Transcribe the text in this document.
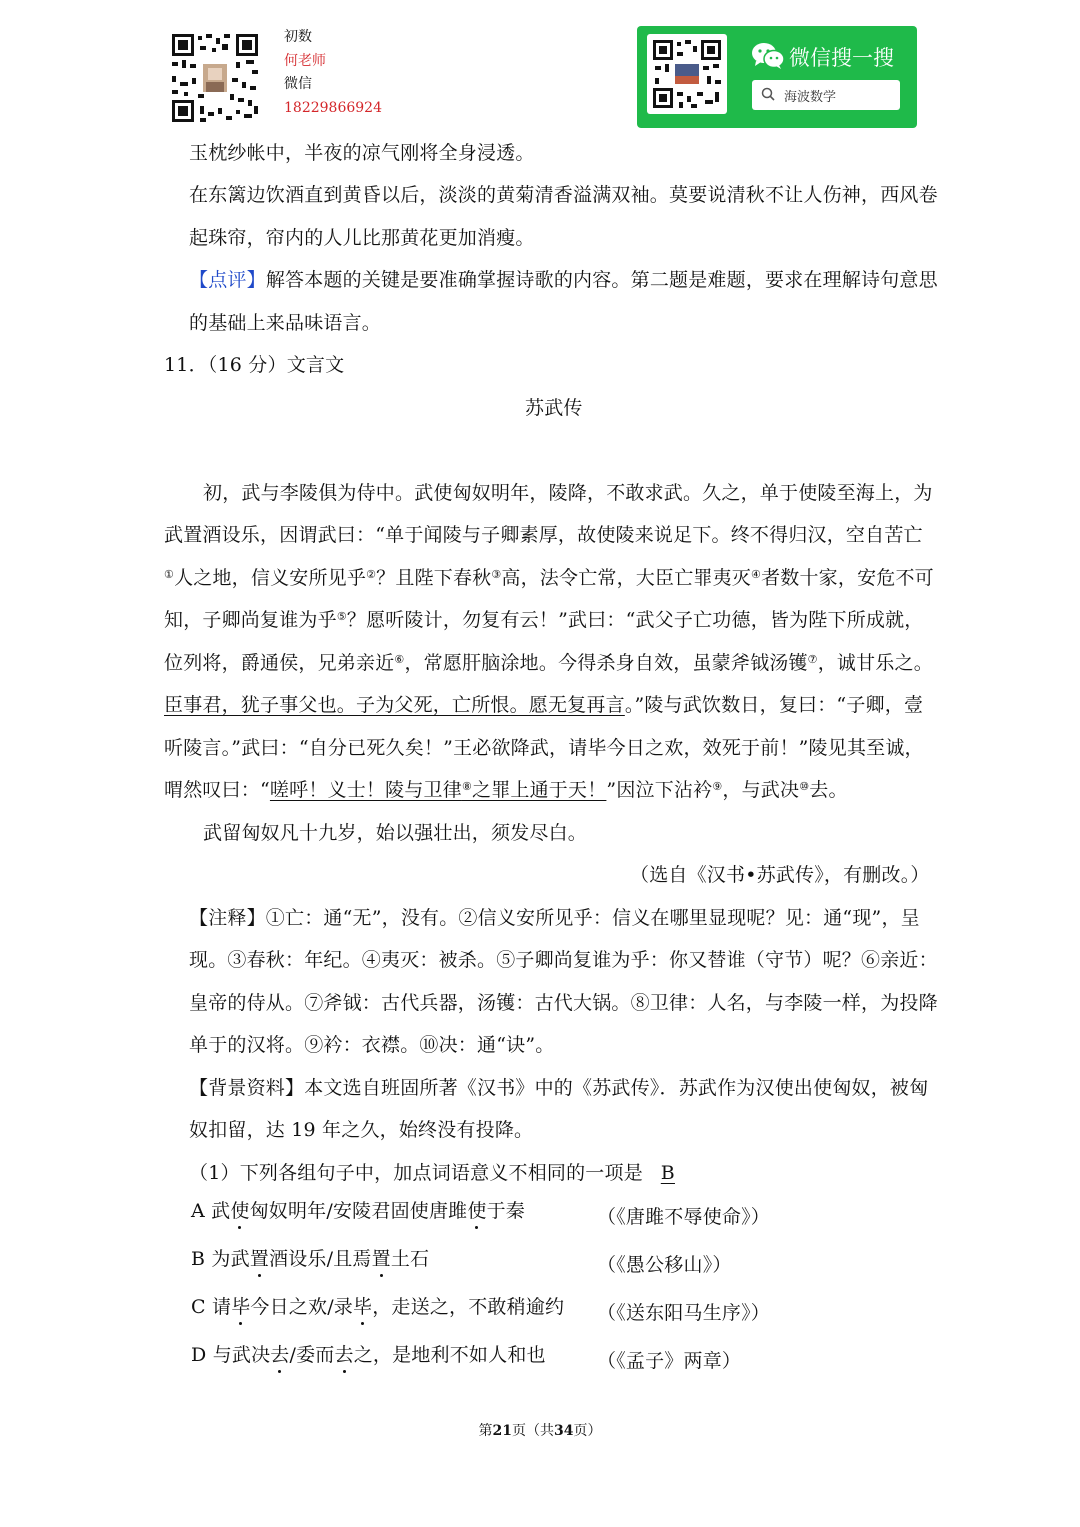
初数
何老师
微信
18229866924
微信搜一搜
海波数学
玉枕纱帐中，半夜的凉气刚将全身浸透。
在东篱边饮酒直到黄昏以后，淡淡的黄菊清香溢满双袖。莫要说清秋不让人伤神，西风卷
起珠帘，帘内的人儿比那黄花更加消瘦。
【点评】解答本题的关键是要准确掌握诗歌的内容。第二题是难题，要求在理解诗句意思
的基础上来品味语言。
11．（16 分）文言文
苏武传
初，武与李陵俱为侍中。武使匈奴明年，陵降，不敢求武。久之，单于使陵至海上，为
武置酒设乐，因谓武曰：“单于闻陵与子卿素厚，故使陵来说足下。终不得归汉，空自苦亡
①人之地，信义安所见乎②？且陛下春秋③高，法令亡常，大臣亡罪夷灭④者数十家，安危不可
知，子卿尚复谁为乎⑤？愿听陵计，勿复有云！”武曰：“武父子亡功德，皆为陛下所成就，
位列将，爵通侯，兄弟亲近⑥，常愿肝脑涂地。今得杀身自效，虽蒙斧钺汤镬⑦，诚甘乐之。
臣事君，犹子事父也。子为父死，亡所恨。愿无复再言。”陵与武饮数日，复曰：“子卿，壹
听陵言。”武曰：“自分已死久矣！”王必欲降武，请毕今日之欢，效死于前！”陵见其至诚，
喟然叹曰：“嗟呼！义士！陵与卫律⑧之罪上通于天！”因泣下沾衿⑨，与武决⑩去。
武留匈奴凡十九岁，始以强壮出，须发尽白。
（选自《汉书•苏武传》，有删改。）
【注释】①亡：通“无”，没有。②信义安所见乎：信义在哪里显现呢？见：通“现”，呈
现。③春秋：年纪。④夷灭：被杀。⑤子卿尚复谁为乎：你又替谁（守节）呢？⑥亲近：
皇帝的侍从。⑦斧钺：古代兵器，汤镬：古代大锅。⑧卫律：人名，与李陵一样，为投降
单于的汉将。⑨衿：衣襟。⑩决：通“诀”。
【背景资料】本文选自班固所著《汉书》中的《苏武传》．苏武作为汉使出使匈奴，被匈
奴扣留，达 19 年之久，始终没有投降。
（1）下列各组句子中，加点词语意义不相同的一项是 B
A 武使匈奴明年/安陵君固使唐雎使于秦	（《唐雎不辱使命》）
B 为武置酒设乐/且焉置土石	（《愚公移山》）
C 请毕今日之欢/录毕，走送之，不敢稍逾约 （《送东阳马生序》）
D 与武决去/委而去之，是地利不如人和也	（《孟子》两章）
第21页（共34页）
